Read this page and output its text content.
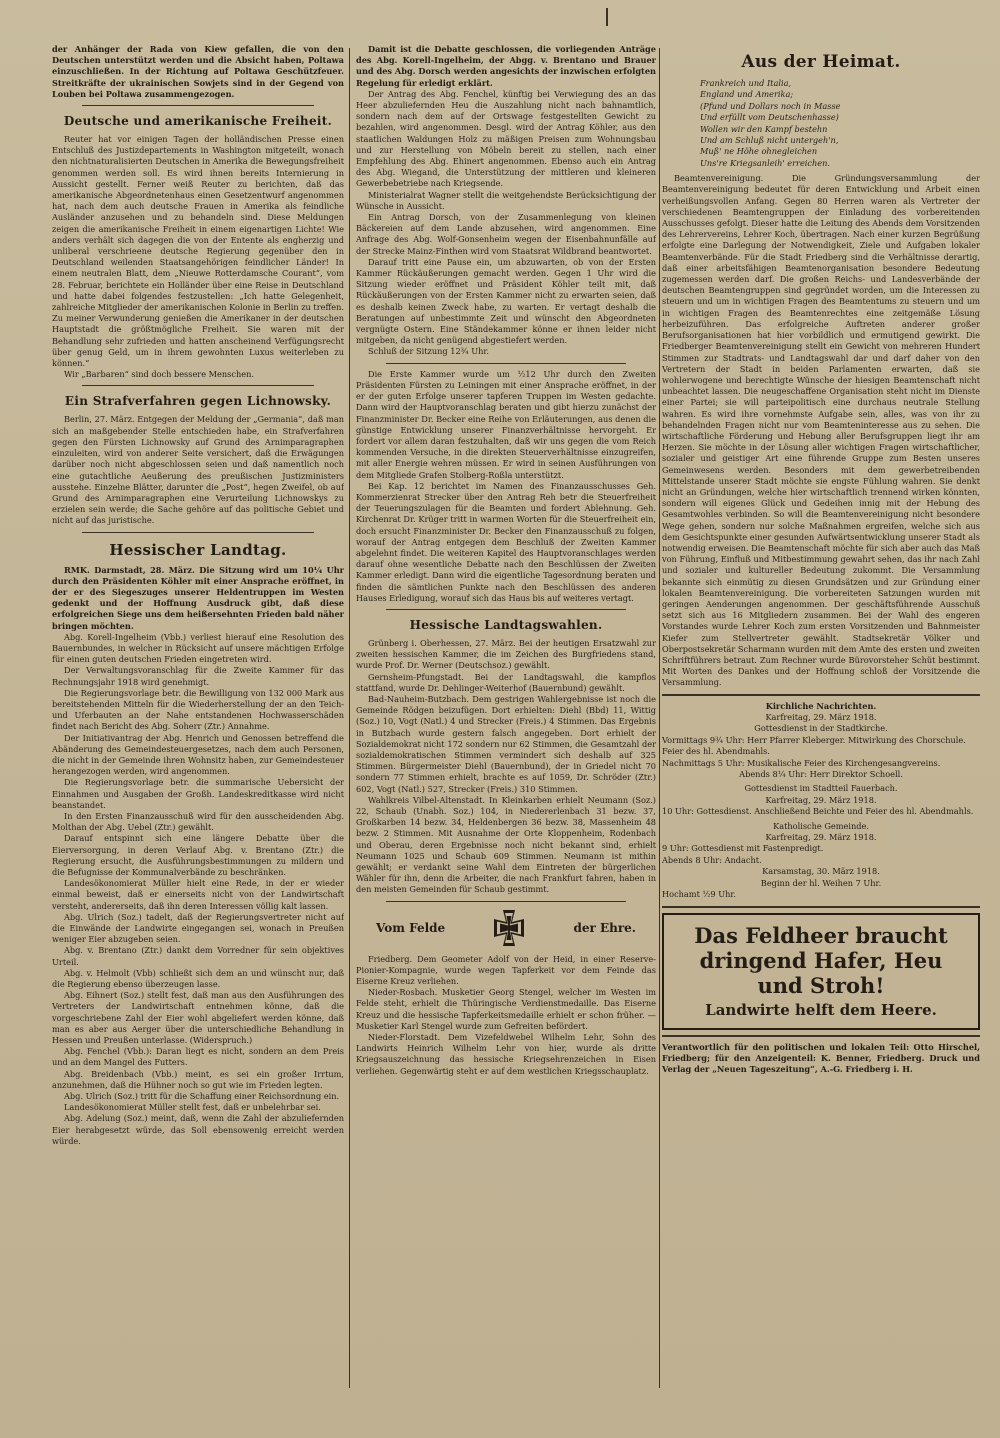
der Anhänger der Rada von Kiew gefallen, die von den Deutschen unterstützt werden und die Absicht haben, Poltawa einzuschließen. In der Richtung auf Poltawa Geschützfeuer. Streitkräfte der ukrainischen Sowjets sind in der Gegend von Louben bei Poltawa zusammengezogen.

Deutsche und amerikanische Freiheit.

Reuter hat vor einigen Tagen der holländischen Presse einen Entschluß des Justizdepartements in Washington mitgeteilt, wonach den nichtnaturalisierten Deutschen in Amerika die Bewegungsfreiheit genommen werden soll. Es wird ihnen bereits Internierung in Aussicht gestellt. Ferner weiß Reuter zu berichten, daß das amerikanische Abgeordnetenhaus einen Gesetzentwurf angenommen hat, nach dem auch deutsche Frauen in Amerika als feindliche Ausländer anzusehen und zu behandeln sind. Diese Meldungen zeigen die amerikanische Freiheit in einem eigenartigen Lichte! Wie anders verhält sich dagegen die von der Entente als engherzig und unliberal verschrieene deutsche Regierung gegenüber den in Deutschland weilenden Staatsangehörigen feindlicher Länder! In einem neutralen Blatt, dem „Nieuwe Rotterdamsche Courant“, vom 28. Februar, berichtete ein Holländer über eine Reise in Deutschland und hatte dabei folgendes festzustellen: „Ich hatte Gelegenheit, zahlreiche Mitglieder der amerikanischen Kolonie in Berlin zu treffen. Zu meiner Verwunderung genießen die Amerikaner in der deutschen Hauptstadt die größtmögliche Freiheit. Sie waren mit der Behandlung sehr zufrieden und hatten anscheinend Verfügungsrecht über genug Geld, um in ihrem gewohnten Luxus weiterleben zu können.“

Wir „Barbaren“ sind doch bessere Menschen.

Ein Strafverfahren gegen Lichnowsky.

Berlin, 27. März. Entgegen der Meldung der „Germania“, daß man sich an maßgebender Stelle entschieden habe, ein Strafverfahren gegen den Fürsten Lichnowsky auf Grund des Arnimparagraphen einzuleiten, wird von anderer Seite versichert, daß die Erwägungen darüber noch nicht abgeschlossen seien und daß namentlich noch eine gutachtliche Aeußerung des preußischen Justizministers ausstehe. Einzelne Blätter, darunter die „Post“, hegen Zweifel, ob auf Grund des Arnimparagraphen eine Verurteilung Lichnowskys zu erzielen sein werde; die Sache gehöre auf das politische Gebiet und nicht auf das juristische.

Hessischer Landtag.

RMK. Darmstadt, 28. März. Die Sitzung wird um 10¼ Uhr durch den Präsidenten Köhler mit einer Ansprache eröffnet, in der er des Siegeszuges unserer Heldentruppen im Westen gedenkt und der Hoffnung Ausdruck gibt, daß diese erfolgreichen Siege uns dem heißersehnten Frieden bald näher bringen möchten.

Abg. Korell-Ingelheim (Vbb.) verliest hierauf eine Resolution des Bauernbundes, in welcher in Rücksicht auf unsere mächtigen Erfolge für einen guten deutschen Frieden eingetreten wird.

Der Verwaltungsvoranschlag für die Zweite Kammer für das Rechnungsjahr 1918 wird genehmigt.

Die Regierungsvorlage betr. die Bewilligung von 132 000 Mark aus bereitstehenden Mitteln für die Wiederherstellung der an den Teich- und Uferbauten an der Nahe entstandenen Hochwasserschäden findet nach Bericht des Abg. Soherr (Ztr.) Annahme.

Der Initiativantrag der Abg. Henrich und Genossen betreffend die Abänderung des Gemeindesteuergesetzes, nach dem auch Personen, die nicht in der Gemeinde ihren Wohnsitz haben, zur Gemeindesteuer herangezogen werden, wird angenommen.

Die Regierungsvorlage betr. die summarische Uebersicht der Einnahmen und Ausgaben der Großh. Landeskreditkasse wird nicht beanstandet.

In den Ersten Finanzausschuß wird für den ausscheidenden Abg. Molthan der Abg. Uebel (Ztr.) gewählt.

Darauf entspinnt sich eine längere Debatte über die Eierversorgung, in deren Verlauf Abg. v. Brentano (Ztr.) die Regierung ersucht, die Ausführungsbestimmungen zu mildern und die Befugnisse der Kommunalverbände zu beschränken.

Landesökonomierat Müller hielt eine Rede, in der er wieder einmal beweist, daß er einerseits nicht von der Landwirtschaft versteht, andererseits, daß ihn deren Interessen völlig kalt lassen.

Abg. Ulrich (Soz.) tadelt, daß der Regierungsvertreter nicht auf die Einwände der Landwirte eingegangen sei, wonach in Preußen weniger Eier abzugeben seien.

Abg. v. Brentano (Ztr.) dankt dem Vorredner für sein objektives Urteil.

Abg. v. Helmolt (Vbb) schließt sich dem an und wünscht nur, daß die Regierung ebenso überzeugen lasse.

Abg. Eihnert (Soz.) stellt fest, daß man aus den Ausführungen des Vertreters der Landwirtschaft entnehmen könne, daß die vorgeschriebene Zahl der Eier wohl abgeliefert werden könne, daß man es aber aus Aerger über die unterschiedliche Behandlung in Hessen und Preußen unterlasse. (Widerspruch.)

Abg. Fenchel (Vbb.): Daran liegt es nicht, sondern an dem Preis und an dem Mangel des Futters.

Abg. Breidenbach (Vbb.) meint, es sei ein großer Irrtum, anzunehmen, daß die Hühner noch so gut wie im Frieden legten.

Abg. Ulrich (Soz.) tritt für die Schaffung einer Reichsordnung ein.

Landesökonomierat Müller stellt fest, daß er unbelehrbar sei.

Abg. Adelung (Soz.) meint, daß, wenn die Zahl der abzuliefernden Eier herabgesetzt würde, das Soll ebensowenig erreicht werden würde.

Damit ist die Debatte geschlossen, die vorliegenden Anträge des Abg. Korell-Ingelheim, der Abgg. v. Brentano und Brauer und des Abg. Dorsch werden angesichts der inzwischen erfolgten Regelung für erledigt erklärt.

Der Antrag des Abg. Fenchel, künftig bei Verwiegung des an das Heer abzuliefernden Heu die Auszahlung nicht nach bahnamtlich, sondern nach dem auf der Ortswage festgestellten Gewicht zu bezahlen, wird angenommen. Desgl. wird der Antrag Köhler, aus den staatlichen Waldungen Holz zu mäßigen Preisen zum Wohnungsbau und zur Herstellung von Möbeln bereit zu stellen, nach einer Empfehlung des Abg. Ehinert angenommen. Ebenso auch ein Antrag des Abg. Wiegand, die Unterstützung der mittleren und kleineren Gewerbebetriebe nach Kriegsende.

Ministerialrat Wagner stellt die weitgehendste Berücksichtigung der Wünsche in Aussicht.

Ein Antrag Dorsch, von der Zusammenlegung von kleinen Bäckereien auf dem Lande abzusehen, wird angenommen. Eine Anfrage des Abg. Wolf-Gonsenheim wegen der Eisenbahnunfälle auf der Strecke Mainz-Finthen wird vom Staatsrat Wildbrand beantwortet.

Darauf tritt eine Pause ein, um abzuwarten, ob von der Ersten Kammer Rückäußerungen gemacht werden. Gegen 1 Uhr wird die Sitzung wieder eröffnet und Präsident Köhler teilt mit, daß Rückäußerungen von der Ersten Kammer nicht zu erwarten seien, daß es deshalb keinen Zweck habe, zu warten. Er vertagt deshalb die Beratungen auf unbestimmte Zeit und wünscht den Abgeordneten vergnügte Ostern. Eine Ständekammer könne er ihnen leider nicht mitgeben, da nicht genügend abgestiefert werden.

Schluß der Sitzung 12¾ Uhr.

Die Erste Kammer wurde um ½12 Uhr durch den Zweiten Präsidenten Fürsten zu Leiningen mit einer Ansprache eröffnet, in der er der guten Erfolge unserer tapferen Truppen im Westen gedachte. Dann wird der Hauptvoranschlag beraten und gibt hierzu zunächst der Finanzminister Dr. Becker eine Reihe von Erläuterungen, aus denen die günstige Entwicklung unserer Finanzverhältnisse hervorgeht. Er fordert vor allem daran festzuhalten, daß wir uns gegen die vom Reich kommenden Versuche, in die direkten Steuerverhältnisse einzugreifen, mit aller Energie wehren müssen. Er wird in seinen Ausführungen von dem Mitgliede Grafen Stolberg-Roßla unterstützt.

Bei Kap. 12 berichtet im Namen des Finanzausschusses Geh. Kommerzienrat Strecker über den Antrag Reh betr die Steuerfreiheit der Teuerungszulagen für die Beamten und fordert Ablehnung. Geh. Kirchenrat Dr. Krüger tritt in warmen Worten für die Steuerfreiheit ein, doch ersucht Finanzminister Dr. Becker den Finanzausschuß zu folgen, worauf der Antrag entgegen dem Beschluß der Zweiten Kammer abgelehnt findet. Die weiteren Kapitel des Hauptvoranschlages werden darauf ohne wesentliche Debatte nach den Beschlüssen der Zweiten Kammer erledigt. Dann wird die eigentliche Tagesordnung beraten und finden die sämtlichen Punkte nach den Beschlüssen des anderen Hauses Erledigung, worauf sich das Haus bis auf weiteres vertagt.

Hessische Landtagswahlen.

Grünberg i. Oberhessen, 27. März. Bei der heutigen Ersatzwahl zur zweiten hessischen Kammer, die im Zeichen des Burgfriedens stand, wurde Prof. Dr. Werner (Deutschsoz.) gewählt.

Gernsheim-Pfungstadt. Bei der Landtagswahl, die kampflos stattfand, wurde Dr. Dehlinger-Weiterhof (Bauernbund) gewählt.

Bad-Nauheim-Butzbach. Dem gestrigen Wahlergebnisse ist noch die Gemeinde Rödgen beizufügen. Dort erhielten: Diehl (Bbd) 11, Wittig (Soz.) 10, Vogt (Natl.) 4 und Strecker (Freis.) 4 Stimmen. Das Ergebnis in Butzbach wurde gestern falsch angegeben. Dort erhielt der Sozialdemokrat nicht 172 sondern nur 62 Stimmen, die Gesamtzahl der sozialdemokratischen Stimmen vermindert sich deshalb auf 325 Stimmen. Bürgermeister Diehl (Bauernbund), der in Griedel nicht 70 sondern 77 Stimmen erhielt, brachte es auf 1059, Dr. Schröder (Ztr.) 602, Vogt (Natl.) 527, Strecker (Freis.) 310 Stimmen.

Wahlkreis Vilbel-Altenstadt. In Kleinkarben erhielt Neumann (Soz.) 22, Schaub (Unabh. Soz.) 104, in Niedererlenbach 31 bezw. 37, Großkarben 14 bezw. 34, Heldenbergen 36 bezw. 38, Massenheim 48 bezw. 2 Stimmen. Mit Ausnahme der Orte Kloppenheim, Rodenbach und Oberau, deren Ergebnisse noch nicht bekannt sind, erhielt Neumann 1025 und Schaub 609 Stimmen. Neumann ist mithin gewählt; er verdankt seine Wahl dem Eintreten der bürgerlichen Wähler für ihn, denn die Arbeiter, die nach Frankfurt fahren, haben in den meisten Gemeinden für Schaub gestimmt.

Vom Felde	der Ehre.

Friedberg. Dem Geometer Adolf von der Heid, in einer Reserve-Pionier-Kompagnie, wurde wegen Tapferkeit vor dem Feinde das Eiserne Kreuz verliehen.

Nieder-Rosbach. Musketier Georg Stengel, welcher im Westen im Felde steht, erhielt die Thüringische Verdienstmedaille. Das Eiserne Kreuz und die hessische Tapferkeitsmedaille erhielt er schon früher. — Musketier Karl Stengel wurde zum Gefreiten befördert.

Nieder-Florstadt. Dem Vizefeldwebel Wilhelm Lehr, Sohn des Landwirts Heinrich Wilhelm Lehr von hier, wurde als dritte Kriegsauszeichnung das hessische Kriegsehrenzeichen in Eisen verliehen. Gegenwärtig steht er auf dem westlichen Kriegsschauplatz.

Aus der Heimat.

Frankreich und Italia,

England und Amerika;

(Pfund und Dollars noch in Masse

Und erfüllt vom Deutschenhasse)

Wollen wir den Kampf bestehn

Und am Schluß nicht untergeh'n,

Muß' ne Höhe ohnegleichen

Uns're Kriegsanleih' erreichen.

Beamtenvereinigung. Die Gründungsversammlung der Beamtenvereinigung bedeutet für deren Entwicklung und Arbeit einen verheißungsvollen Anfang. Gegen 80 Herren waren als Vertreter der verschiedenen Beamtengruppen der Einladung des vorbereitenden Ausschusses gefolgt. Dieser hatte die Leitung des Abends dem Vorsitzenden des Lehrervereins, Lehrer Koch, übertragen. Nach einer kurzen Begrüßung erfolgte eine Darlegung der Notwendigkeit, Ziele und Aufgaben lokaler Beamtenverbände. Für die Stadt Friedberg sind die Verhältnisse derartig, daß einer arbeitsfähigen Beamtenorganisation besondere Bedeutung zugemessen werden darf. Die großen Reichs- und Landesverbände der deutschen Beamtengruppen sind gegründet worden, um die Interessen zu steuern und um in wichtigen Fragen des Beamtentums zu steuern und um in wichtigen Fragen des Beamtenrechtes eine zeitgemäße Lösung herbeizuführen. Das erfolgreiche Auftreten anderer großer Berufsorganisationen hat hier vorbildlich und ermutigend gewirkt. Die Friedberger Beamtenvereinigung stellt ein Gewicht von mehreren Hundert Stimmen zur Stadtrats- und Landtagswahl dar und darf daher von den Vertretern der Stadt in beiden Parlamenten erwarten, daß sie wohlerwogene und berechtigte Wünsche der hiesigen Beamtenschaft nicht unbeachtet lassen. Die neugeschaffene Organisation steht nicht im Dienste einer Partei; sie will parteipolitisch eine durchaus neutrale Stellung wahren. Es wird ihre vornehmste Aufgabe sein, alles, was von ihr zu behandelnden Fragen nicht nur vom Beamteninteresse aus zu sehen. Die wirtschaftliche Förderung und Hebung aller Berufsgruppen liegt ihr am Herzen. Sie möchte in der Lösung aller wichtigen Fragen wirtschaftlicher, sozialer und geistiger Art eine führende Gruppe zum Besten unseres Gemeinwesens werden. Besonders mit dem gewerbetreibenden Mittelstande unserer Stadt möchte sie engste Fühlung wahren. Sie denkt nicht an Gründungen, welche hier wirtschaftlich trennend wirken könnten, sondern will eigenes Glück und Gedeihen innig mit der Hebung des Gesamtwohles verbinden. So will die Beamtenvereinigung nicht besondere Wege gehen, sondern nur solche Maßnahmen ergreifen, welche sich aus dem Gesichtspunkte einer gesunden Aufwärtsentwicklung unserer Stadt als notwendig erweisen. Die Beamtenschaft möchte für sich aber auch das Maß von Führung, Einfluß und Mitbestimmung gewahrt sehen, das ihr nach Zahl und sozialer und kultureller Bedeutung zukommt. Die Versammlung bekannte sich einmütig zu diesen Grundsätzen und zur Gründung einer lokalen Beamtenvereinigung. Die vorbereiteten Satzungen wurden mit geringen Aenderungen angenommen. Der geschäftsführende Ausschuß setzt sich aus 16 Mitgliedern zusammen. Bei der Wahl des engeren Vorstandes wurde Lehrer Koch zum ersten Vorsitzenden und Bahnmeister Kiefer zum Stellvertreter gewählt. Stadtsekretär Völker und Oberpostsekretär Scharmann wurden mit dem Amte des ersten und zweiten Schriftführers betraut. Zum Rechner wurde Bürovorsteher Schüt bestimmt. Mit Worten des Dankes und der Hoffnung schloß der Vorsitzende die Versammlung.

Kirchliche Nachrichten.

Karfreitag, 29. März 1918.

Gottesdienst in der Stadtkirche.

Vormittags 9¾ Uhr: Herr Pfarrer Kleberger. Mitwirkung des Chorschule. Feier des hl. Abendmahls.

Nachmittags 5 Uhr: Musikalische Feier des Kirchengesangvereins.

Abends 8¼ Uhr: Herr Direktor Schoell.

Gottesdienst im Stadtteil Fauerbach.

Karfreitag, 29. März 1918.

10 Uhr: Gottesdienst. Anschließend Beichte und Feier des hl. Abendmahls.

Katholische Gemeinde.

Karfreitag, 29. März 1918.

9 Uhr: Gottesdienst mit Fastenpredigt.

Abends 8 Uhr: Andacht.

Karsamstag, 30. März 1918.

Beginn der hl. Weihen 7 Uhr.

Hochamt ½9 Uhr.

Das Feldheer braucht

dringend Hafer, Heu

und Stroh!

Landwirte helft dem Heere.

Verantwortlich für den politischen und lokalen Teil: Otto Hirschel, Friedberg; für den Anzeigenteil: K. Benner, Friedberg. Druck und Verlag der „Neuen Tageszeitung“, A.-G. Friedberg i. H.
